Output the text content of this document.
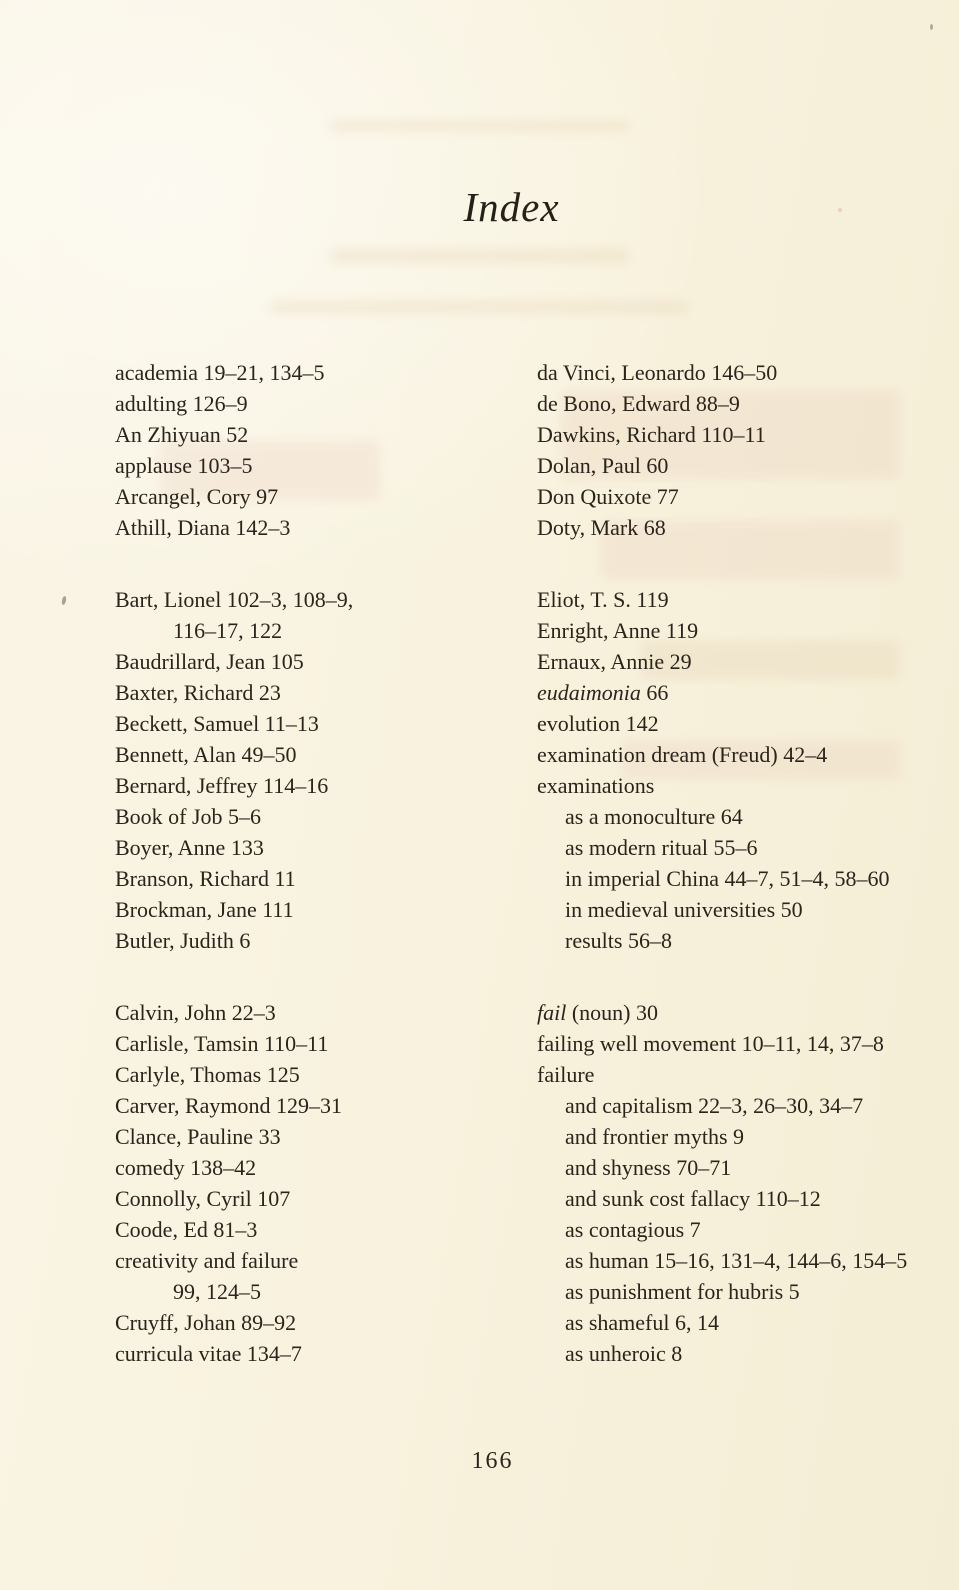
Index
academia 19–21, 134–5
adulting 126–9
An Zhiyuan 52
applause 103–5
Arcangel, Cory 97
Athill, Diana 142–3
Bart, Lionel 102–3, 108–9,
116–17, 122
Baudrillard, Jean 105
Baxter, Richard 23
Beckett, Samuel 11–13
Bennett, Alan 49–50
Bernard, Jeffrey 114–16
Book of Job 5–6
Boyer, Anne 133
Branson, Richard 11
Brockman, Jane 111
Butler, Judith 6
Calvin, John 22–3
Carlisle, Tamsin 110–11
Carlyle, Thomas 125
Carver, Raymond 129–31
Clance, Pauline 33
comedy 138–42
Connolly, Cyril 107
Coode, Ed 81–3
creativity and failure
99, 124–5
Cruyff, Johan 89–92
curricula vitae 134–7
da Vinci, Leonardo 146–50
de Bono, Edward 88–9
Dawkins, Richard 110–11
Dolan, Paul 60
Don Quixote 77
Doty, Mark 68
Eliot, T. S. 119
Enright, Anne 119
Ernaux, Annie 29
eudaimonia 66
evolution 142
examination dream (Freud) 42–4
examinations
as a monoculture 64
as modern ritual 55–6
in imperial China 44–7, 51–4, 58–60
in medieval universities 50
results 56–8
fail (noun) 30
failing well movement 10–11, 14, 37–8
failure
and capitalism 22–3, 26–30, 34–7
and frontier myths 9
and shyness 70–71
and sunk cost fallacy 110–12
as contagious 7
as human 15–16, 131–4, 144–6, 154–5
as punishment for hubris 5
as shameful 6, 14
as unheroic 8
166
